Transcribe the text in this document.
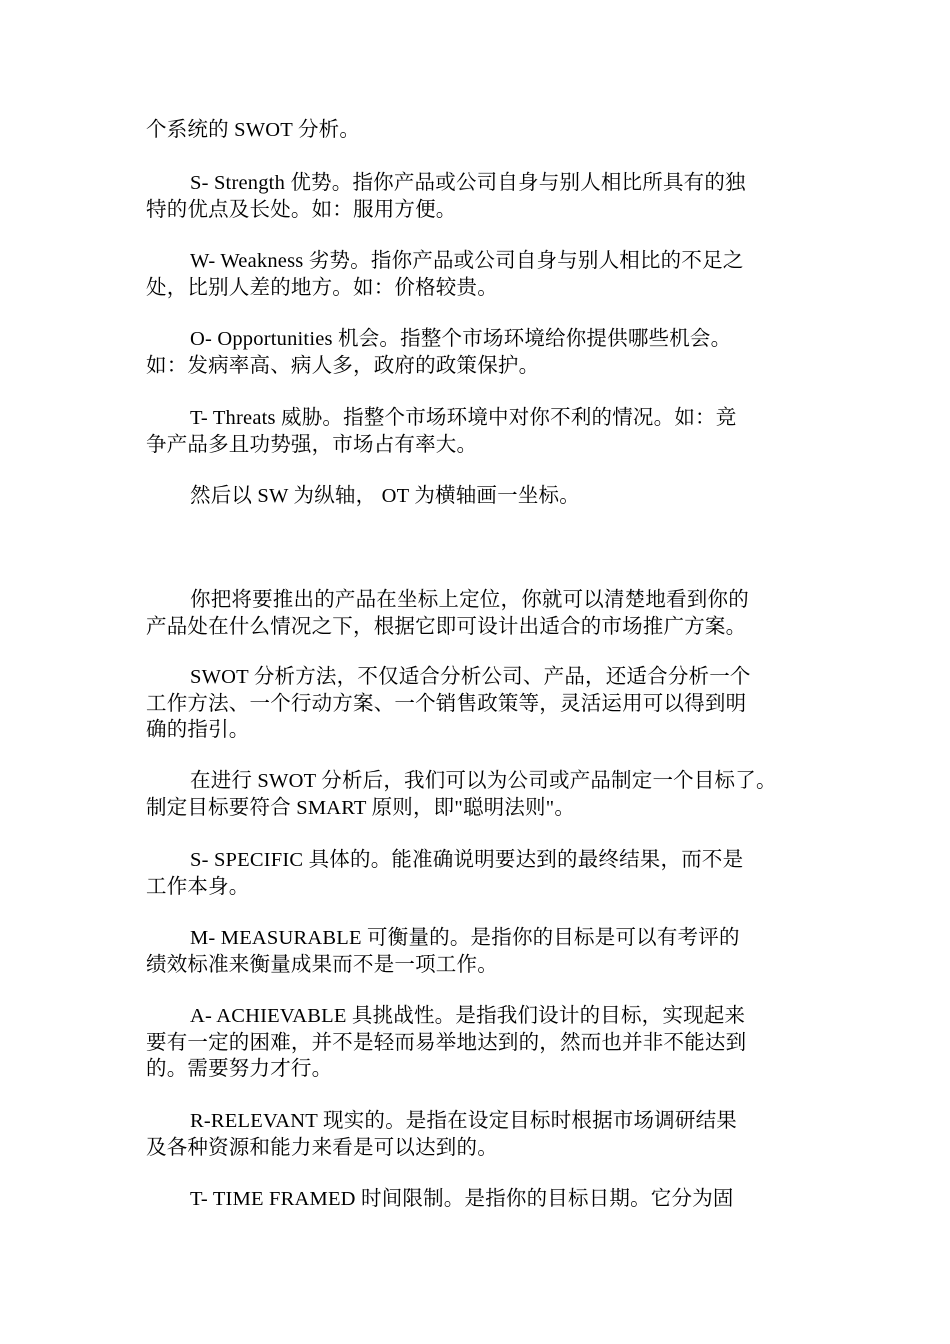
个系统的 SWOT 分析。
S- Strength 优势。指你产品或公司自身与别人相比所具有的独
特的优点及长处。如：服用方便。
W- Weakness 劣势。指你产品或公司自身与别人相比的不足之
处，比别人差的地方。如：价格较贵。
O- Opportunities 机会。指整个市场环境给你提供哪些机会。
如：发病率高、病人多，政府的政策保护。
T- Threats 威胁。指整个市场环境中对你不利的情况。如：竞
争产品多且功势强，市场占有率大。
然后以 SW 为纵轴， OT 为横轴画一坐标。
你把将要推出的产品在坐标上定位，你就可以清楚地看到你的
产品处在什么情况之下，根据它即可设计出适合的市场推广方案。
SWOT 分析方法，不仅适合分析公司、产品，还适合分析一个
工作方法、一个行动方案、一个销售政策等，灵活运用可以得到明
确的指引。
在进行 SWOT 分析后，我们可以为公司或产品制定一个目标了。
制定目标要符合 SMART 原则，即"聪明法则"。
S- SPECIFIC 具体的。能准确说明要达到的最终结果，而不是
工作本身。
M- MEASURABLE 可衡量的。是指你的目标是可以有考评的
绩效标准来衡量成果而不是一项工作。
A- ACHIEVABLE 具挑战性。是指我们设计的目标，实现起来
要有一定的困难，并不是轻而易举地达到的，然而也并非不能达到
的。需要努力才行。
R-RELEVANT 现实的。是指在设定目标时根据市场调研结果
及各种资源和能力来看是可以达到的。
T- TIME FRAMED 时间限制。是指你的目标日期。它分为固
